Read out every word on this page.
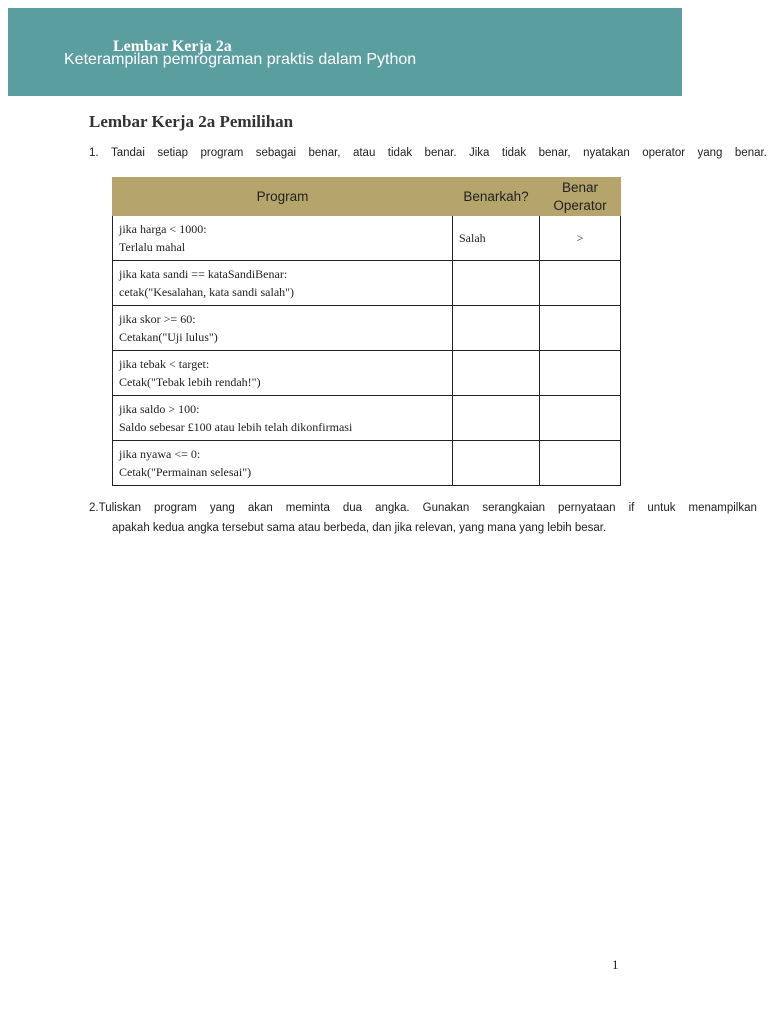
Lembar Kerja 2a
Keterampilan pemrograman praktis dalam Python
Lembar Kerja 2a Pemilihan
1.	Tandai setiap program sebagai benar, atau tidak benar. Jika tidak benar, nyatakan operator yang benar.
Program	Benarkah?	Benar
Operator

jika harga < 1000:
Terlalu mahal	Salah	>

jika kata sandi == kataSandiBenar:
cetak("Kesalahan, kata sandi salah")		

jika skor >= 60:
Cetakan("Uji lulus")		

jika tebak < target:
Cetak("Tebak lebih rendah!")		

jika saldo > 100:
Saldo sebesar £100 atau lebih telah dikonfirmasi		

jika nyawa <= 0:
Cetak("Permainan selesai")		

2.Tuliskan program yang akan meminta dua angka. Gunakan serangkaian pernyataan if untuk menampilkan
apakah kedua angka tersebut sama atau berbeda, dan jika relevan, yang mana yang lebih besar.
1
